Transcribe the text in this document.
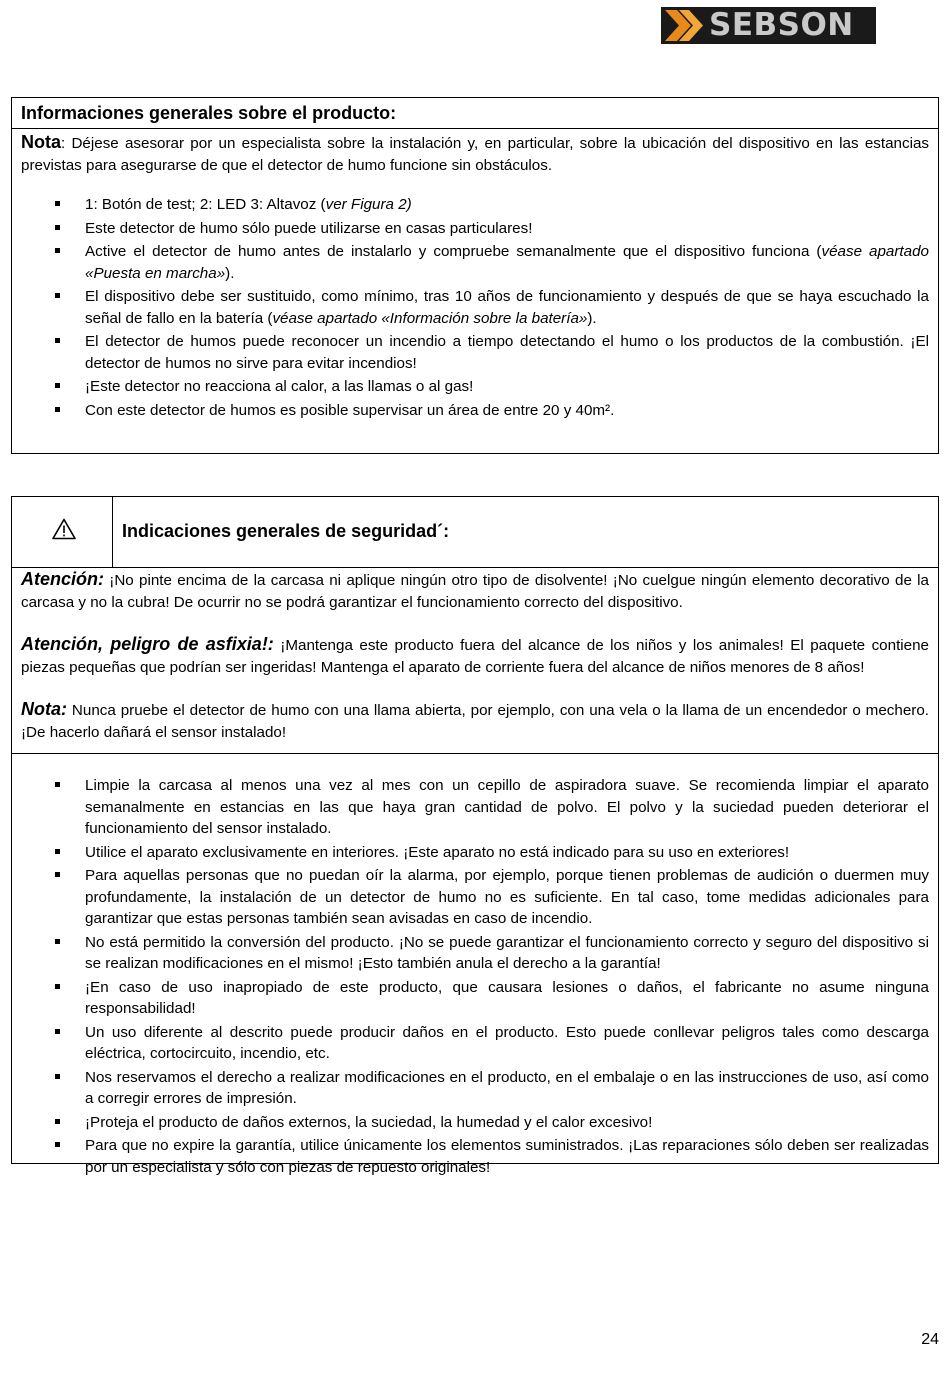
SEBSON
Informaciones generales sobre el producto:
Nota: Déjese asesorar por un especialista sobre la instalación y, en particular, sobre la ubicación del dispositivo en las estancias previstas para asegurarse de que el detector de humo funcione sin obstáculos.
1: Botón de test; 2: LED 3: Altavoz (ver Figura 2)
Este detector de humo sólo puede utilizarse en casas particulares!
Active el detector de humo antes de instalarlo y compruebe semanalmente que el dispositivo funciona (véase apartado «Puesta en marcha»).
El dispositivo debe ser sustituido, como mínimo, tras 10 años de funcionamiento y después de que se haya escuchado la señal de fallo en la batería (véase apartado «Información sobre la batería»).
El detector de humos puede reconocer un incendio a tiempo detectando el humo o los productos de la combustión. ¡El detector de humos no sirve para evitar incendios!
¡Este detector no reacciona al calor, a las llamas o al gas!
Con este detector de humos es posible supervisar un área de entre 20 y 40m².
Indicaciones generales de seguridad´:
Atención: ¡No pinte encima de la carcasa ni aplique ningún otro tipo de disolvente! ¡No cuelgue ningún elemento decorativo de la carcasa y no la cubra! De ocurrir no se podrá garantizar el funcionamiento correcto del dispositivo.
Atención, peligro de asfixia!: ¡Mantenga este producto fuera del alcance de los niños y los animales! El paquete contiene piezas pequeñas que podrían ser ingeridas! Mantenga el aparato de corriente fuera del alcance de niños menores de 8 años!
Nota: Nunca pruebe el detector de humo con una llama abierta, por ejemplo, con una vela o la llama de un encendedor o mechero. ¡De hacerlo dañará el sensor instalado!
Limpie la carcasa al menos una vez al mes con un cepillo de aspiradora suave. Se recomienda limpiar el aparato semanalmente en estancias en las que haya gran cantidad de polvo. El polvo y la suciedad pueden deteriorar el funcionamiento del sensor instalado.
Utilice el aparato exclusivamente en interiores. ¡Este aparato no está indicado para su uso en exteriores!
Para aquellas personas que no puedan oír la alarma, por ejemplo, porque tienen problemas de audición o duermen muy profundamente, la instalación de un detector de humo no es suficiente. En tal caso, tome medidas adicionales para garantizar que estas personas también sean avisadas en caso de incendio.
No está permitido la conversión del producto. ¡No se puede garantizar el funcionamiento correcto y seguro del dispositivo si se realizan modificaciones en el mismo! ¡Esto también anula el derecho a la garantía!
¡En caso de uso inapropiado de este producto, que causara lesiones o daños, el fabricante no asume ninguna responsabilidad!
Un uso diferente al descrito puede producir daños en el producto. Esto puede conllevar peligros tales como descarga eléctrica, cortocircuito, incendio, etc.
Nos reservamos el derecho a realizar modificaciones en el producto, en el embalaje o en las instrucciones de uso, así como a corregir errores de impresión.
¡Proteja el producto de daños externos, la suciedad, la humedad y el calor excesivo!
Para que no expire la garantía, utilice únicamente los elementos suministrados. ¡Las reparaciones sólo deben ser realizadas por un especialista y sólo con piezas de repuesto originales!
24
